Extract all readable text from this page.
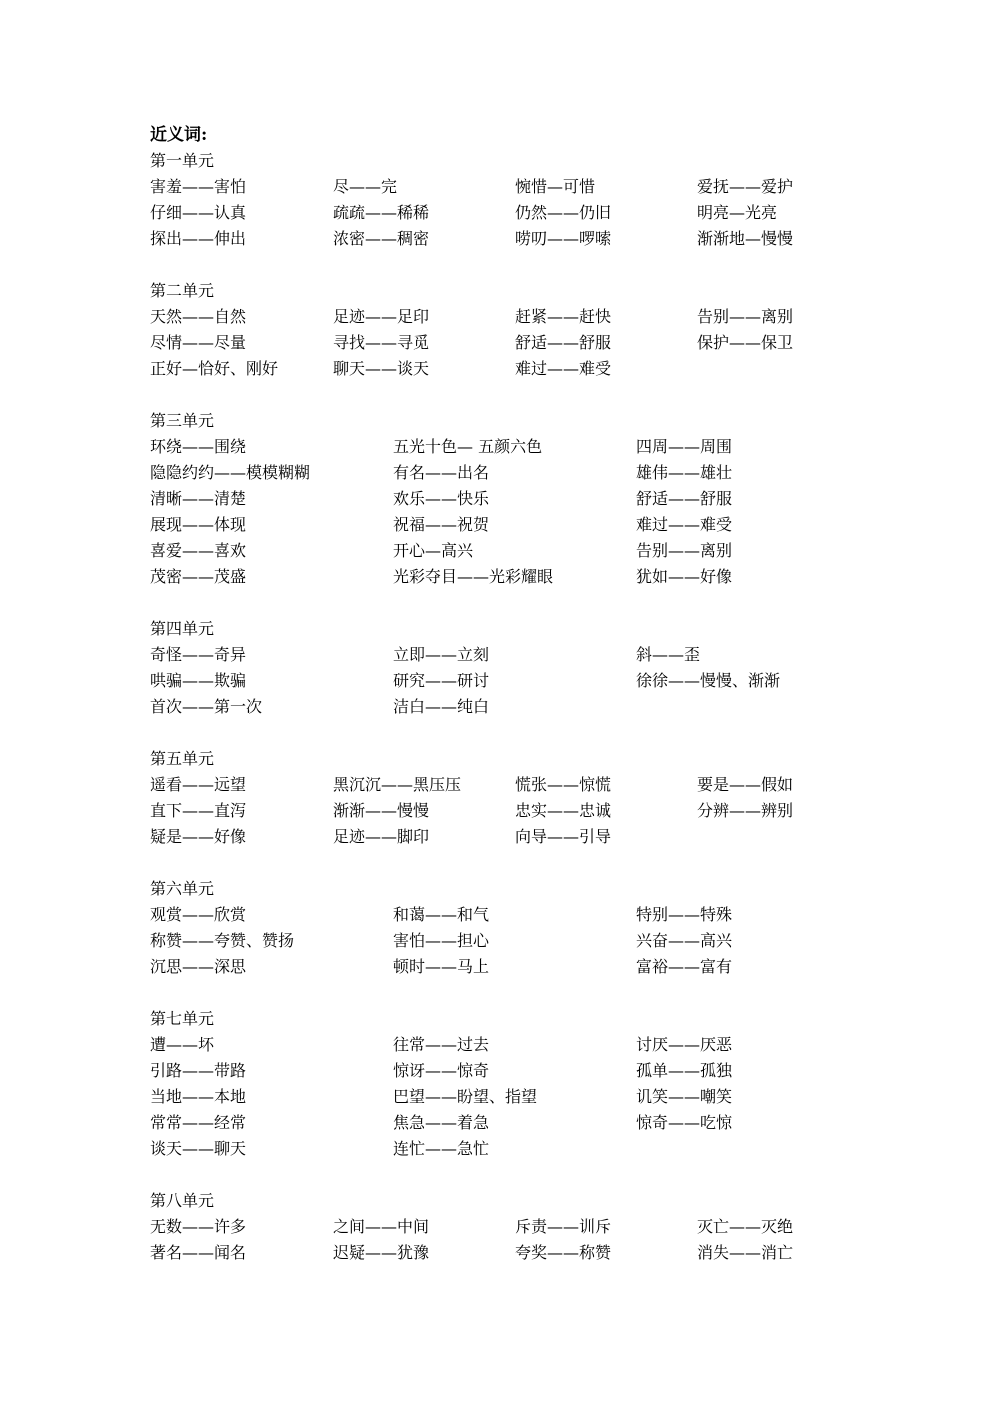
近义词:
第一单元
害羞——害怕	尽——完	惋惜—可惜	爱抚——爱护
仔细——认真	疏疏——稀稀	仍然——仍旧	明亮—光亮
探出——伸出	浓密——稠密	唠叨——啰嗦	渐渐地—慢慢
第二单元
天然——自然	足迹——足印	赶紧——赶快	告别——离别
尽情——尽量	寻找——寻觅	舒适——舒服	保护——保卫
正好—恰好、刚好	聊天——谈天	难过——难受
第三单元
环绕——围绕	五光十色— 五颜六色	四周——周围
隐隐约约——模模糊糊	有名——出名	雄伟——雄壮
清晰——清楚	欢乐——快乐	舒适——舒服
展现——体现	祝福——祝贺	难过——难受
喜爱——喜欢	开心—高兴	告别——离别
茂密——茂盛	光彩夺目——光彩耀眼	犹如——好像
第四单元
奇怪——奇异	立即——立刻	斜——歪
哄骗——欺骗	研究——研讨	徐徐——慢慢、渐渐
首次——第一次	洁白——纯白
第五单元
遥看——远望	黑沉沉——黑压压	慌张——惊慌	要是——假如
直下——直泻	渐渐——慢慢	忠实——忠诚	分辨——辨别
疑是——好像	足迹——脚印	向导——引导
第六单元
观赏——欣赏	和蔼——和气	特别——特殊
称赞——夸赞、赞扬	害怕——担心	兴奋——高兴
沉思——深思	顿时——马上	富裕——富有
第七单元
遭——坏	往常——过去	讨厌——厌恶
引路——带路	惊讶——惊奇	孤单——孤独
当地——本地	巴望——盼望、指望	讥笑——嘲笑
常常——经常	焦急——着急	惊奇——吃惊
谈天——聊天	连忙——急忙
第八单元
无数——许多	之间——中间	斥责——训斥	灭亡——灭绝
著名——闻名	迟疑——犹豫	夸奖——称赞	消失——消亡
